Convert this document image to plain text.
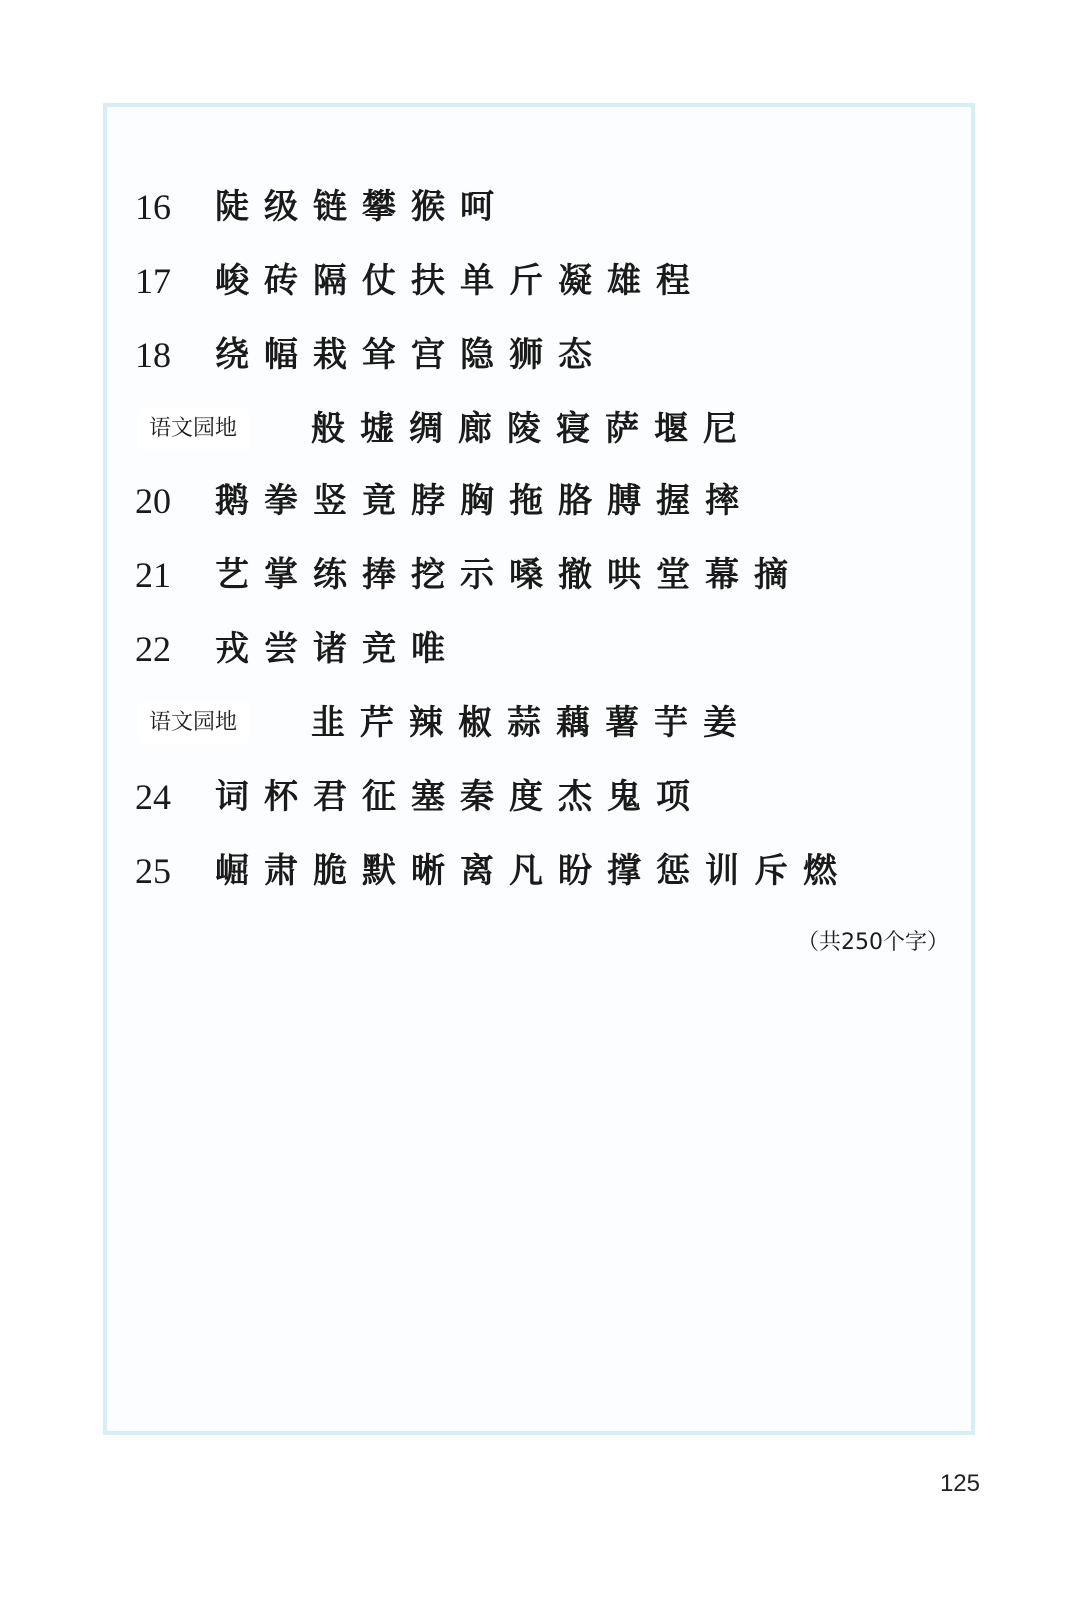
16	陡级链攀猴呵
17	峻砖隔仗扶单斤凝雄程
18	绕幅栽耸宫隐狮态
语文园地	般墟绸廊陵寝萨堰尼
20	鹅拳竖竟脖胸拖胳膊握摔
21	艺掌练捧挖示嗓撤哄堂幕摘
22	戎尝诸竞唯
语文园地	韭芹辣椒蒜藕薯芋姜
24	词杯君征塞秦度杰鬼项
25	崛肃脆默晰离凡盼撑惩训斥燃
（共250个字）
125
